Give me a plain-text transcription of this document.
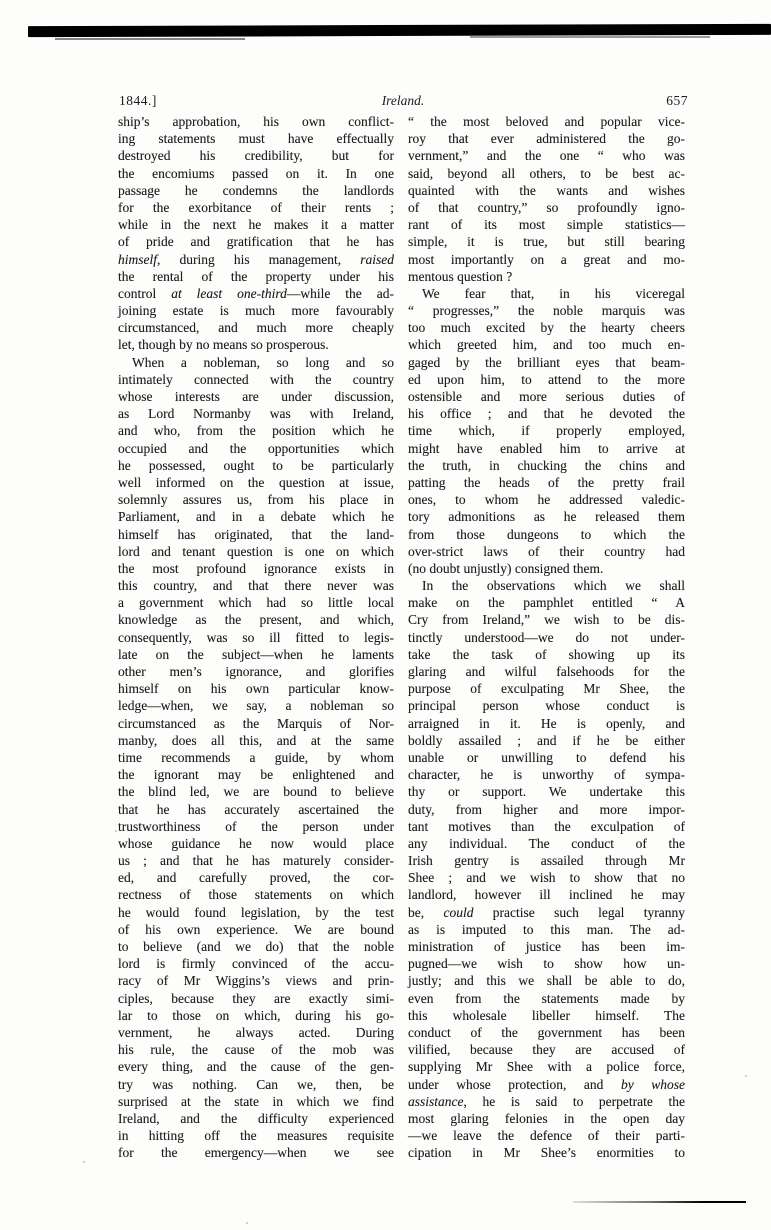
1844.]	Ireland.	657
ship’s approbation, his own conflict-
ing statements must have effectually
destroyed his credibility, but for
the encomiums passed on it. In one
passage he condemns the landlords
for the exorbitance of their rents ;
while in the next he makes it a matter
of pride and gratification that he has
himself, during his management, raised
the rental of the property under his
control at least one-third—while the ad-
joining estate is much more favourably
circumstanced, and much more cheaply
let, though by no means so prosperous.
When a nobleman, so long and so
intimately connected with the country
whose interests are under discussion,
as Lord Normanby was with Ireland,
and who, from the position which he
occupied and the opportunities which
he possessed, ought to be particularly
well informed on the question at issue,
solemnly assures us, from his place in
Parliament, and in a debate which he
himself has originated, that the land-
lord and tenant question is one on which
the most profound ignorance exists in
this country, and that there never was
a government which had so little local
knowledge as the present, and which,
consequently, was so ill fitted to legis-
late on the subject—when he laments
other men’s ignorance, and glorifies
himself on his own particular know-
ledge—when, we say, a nobleman so
circumstanced as the Marquis of Nor-
manby, does all this, and at the same
time recommends a guide, by whom
the ignorant may be enlightened and
the blind led, we are bound to believe
that he has accurately ascertained the
trustworthiness of the person under
whose guidance he now would place
us ; and that he has maturely consider-
ed, and carefully proved, the cor-
rectness of those statements on which
he would found legislation, by the test
of his own experience. We are bound
to believe (and we do) that the noble
lord is firmly convinced of the accu-
racy of Mr Wiggins’s views and prin-
ciples, because they are exactly simi-
lar to those on which, during his go-
vernment, he always acted. During
his rule, the cause of the mob was
every thing, and the cause of the gen-
try was nothing. Can we, then, be
surprised at the state in which we find
Ireland, and the difficulty experienced
in hitting off the measures requisite
for the emergency—when we see
“ the most beloved and popular vice-
roy that ever administered the go-
vernment,” and the one “ who was
said, beyond all others, to be best ac-
quainted with the wants and wishes
of that country,” so profoundly igno-
rant of its most simple statistics—
simple, it is true, but still bearing
most importantly on a great and mo-
mentous question ?
We fear that, in his viceregal
“ progresses,” the noble marquis was
too much excited by the hearty cheers
which greeted him, and too much en-
gaged by the brilliant eyes that beam-
ed upon him, to attend to the more
ostensible and more serious duties of
his office ; and that he devoted the
time which, if properly employed,
might have enabled him to arrive at
the truth, in chucking the chins and
patting the heads of the pretty frail
ones, to whom he addressed valedic-
tory admonitions as he released them
from those dungeons to which the
over-strict laws of their country had
(no doubt unjustly) consigned them.
In the observations which we shall
make on the pamphlet entitled “ A
Cry from Ireland,” we wish to be dis-
tinctly understood—we do not under-
take the task of showing up its
glaring and wilful falsehoods for the
purpose of exculpating Mr Shee, the
principal person whose conduct is
arraigned in it. He is openly, and
boldly assailed ; and if he be either
unable or unwilling to defend his
character, he is unworthy of sympa-
thy or support. We undertake this
duty, from higher and more impor-
tant motives than the exculpation of
any individual. The conduct of the
Irish gentry is assailed through Mr
Shee ; and we wish to show that no
landlord, however ill inclined he may
be, could practise such legal tyranny
as is imputed to this man. The ad-
ministration of justice has been im-
pugned—we wish to show how un-
justly; and this we shall be able to do,
even from the statements made by
this wholesale libeller himself. The
conduct of the government has been
vilified, because they are accused of
supplying Mr Shee with a police force,
under whose protection, and by whose
assistance, he is said to perpetrate the
most glaring felonies in the open day
—we leave the defence of their parti-
cipation in Mr Shee’s enormities to
